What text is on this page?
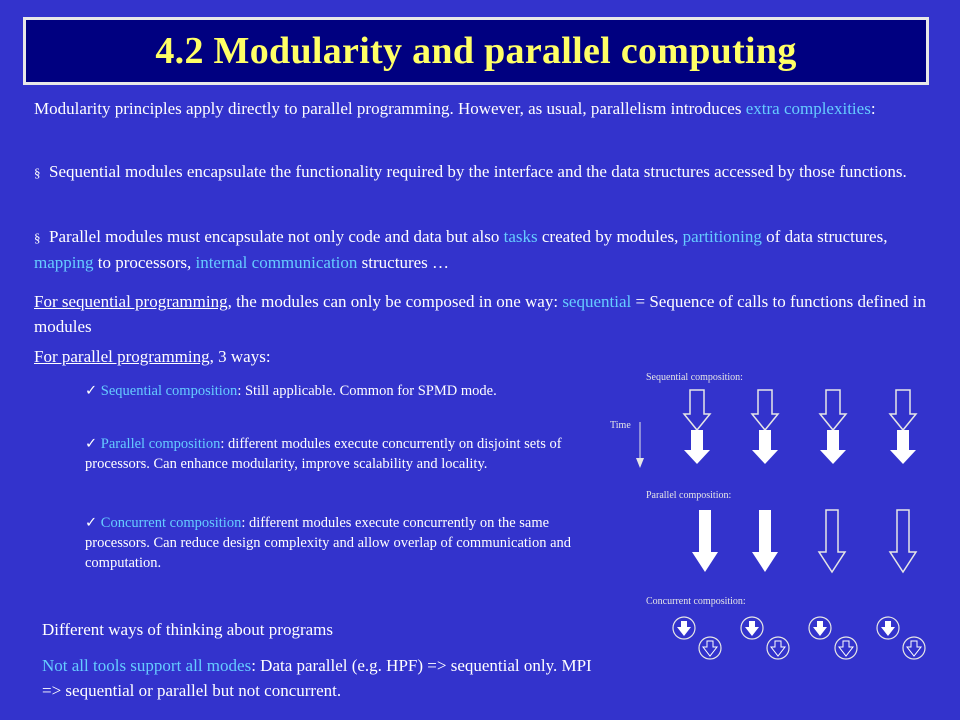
4.2 Modularity and parallel computing
Modularity principles apply directly to parallel programming. However, as usual, parallelism introduces extra complexities:
§ Sequential modules encapsulate the functionality required by the interface and the data structures accessed by those functions.
§ Parallel modules must encapsulate not only code and data but also tasks created by modules, partitioning of data structures, mapping to processors, internal communication structures …
For sequential programming, the modules can only be composed in one way: sequential = Sequence of calls to functions defined in modules
For parallel programming, 3 ways:
✓ Sequential composition: Still applicable. Common for SPMD mode.
✓ Parallel composition: different modules execute concurrently on disjoint sets of processors. Can enhance modularity, improve scalability and locality.
✓ Concurrent composition: different modules execute concurrently on the same processors. Can reduce design complexity and allow overlap of communication and computation.
Different ways of thinking about programs
Not all tools support all modes: Data parallel (e.g. HPF) => sequential only. MPI => sequential or parallel but not concurrent.
Sequential composition:
Time
Parallel composition:
Concurrent composition:
